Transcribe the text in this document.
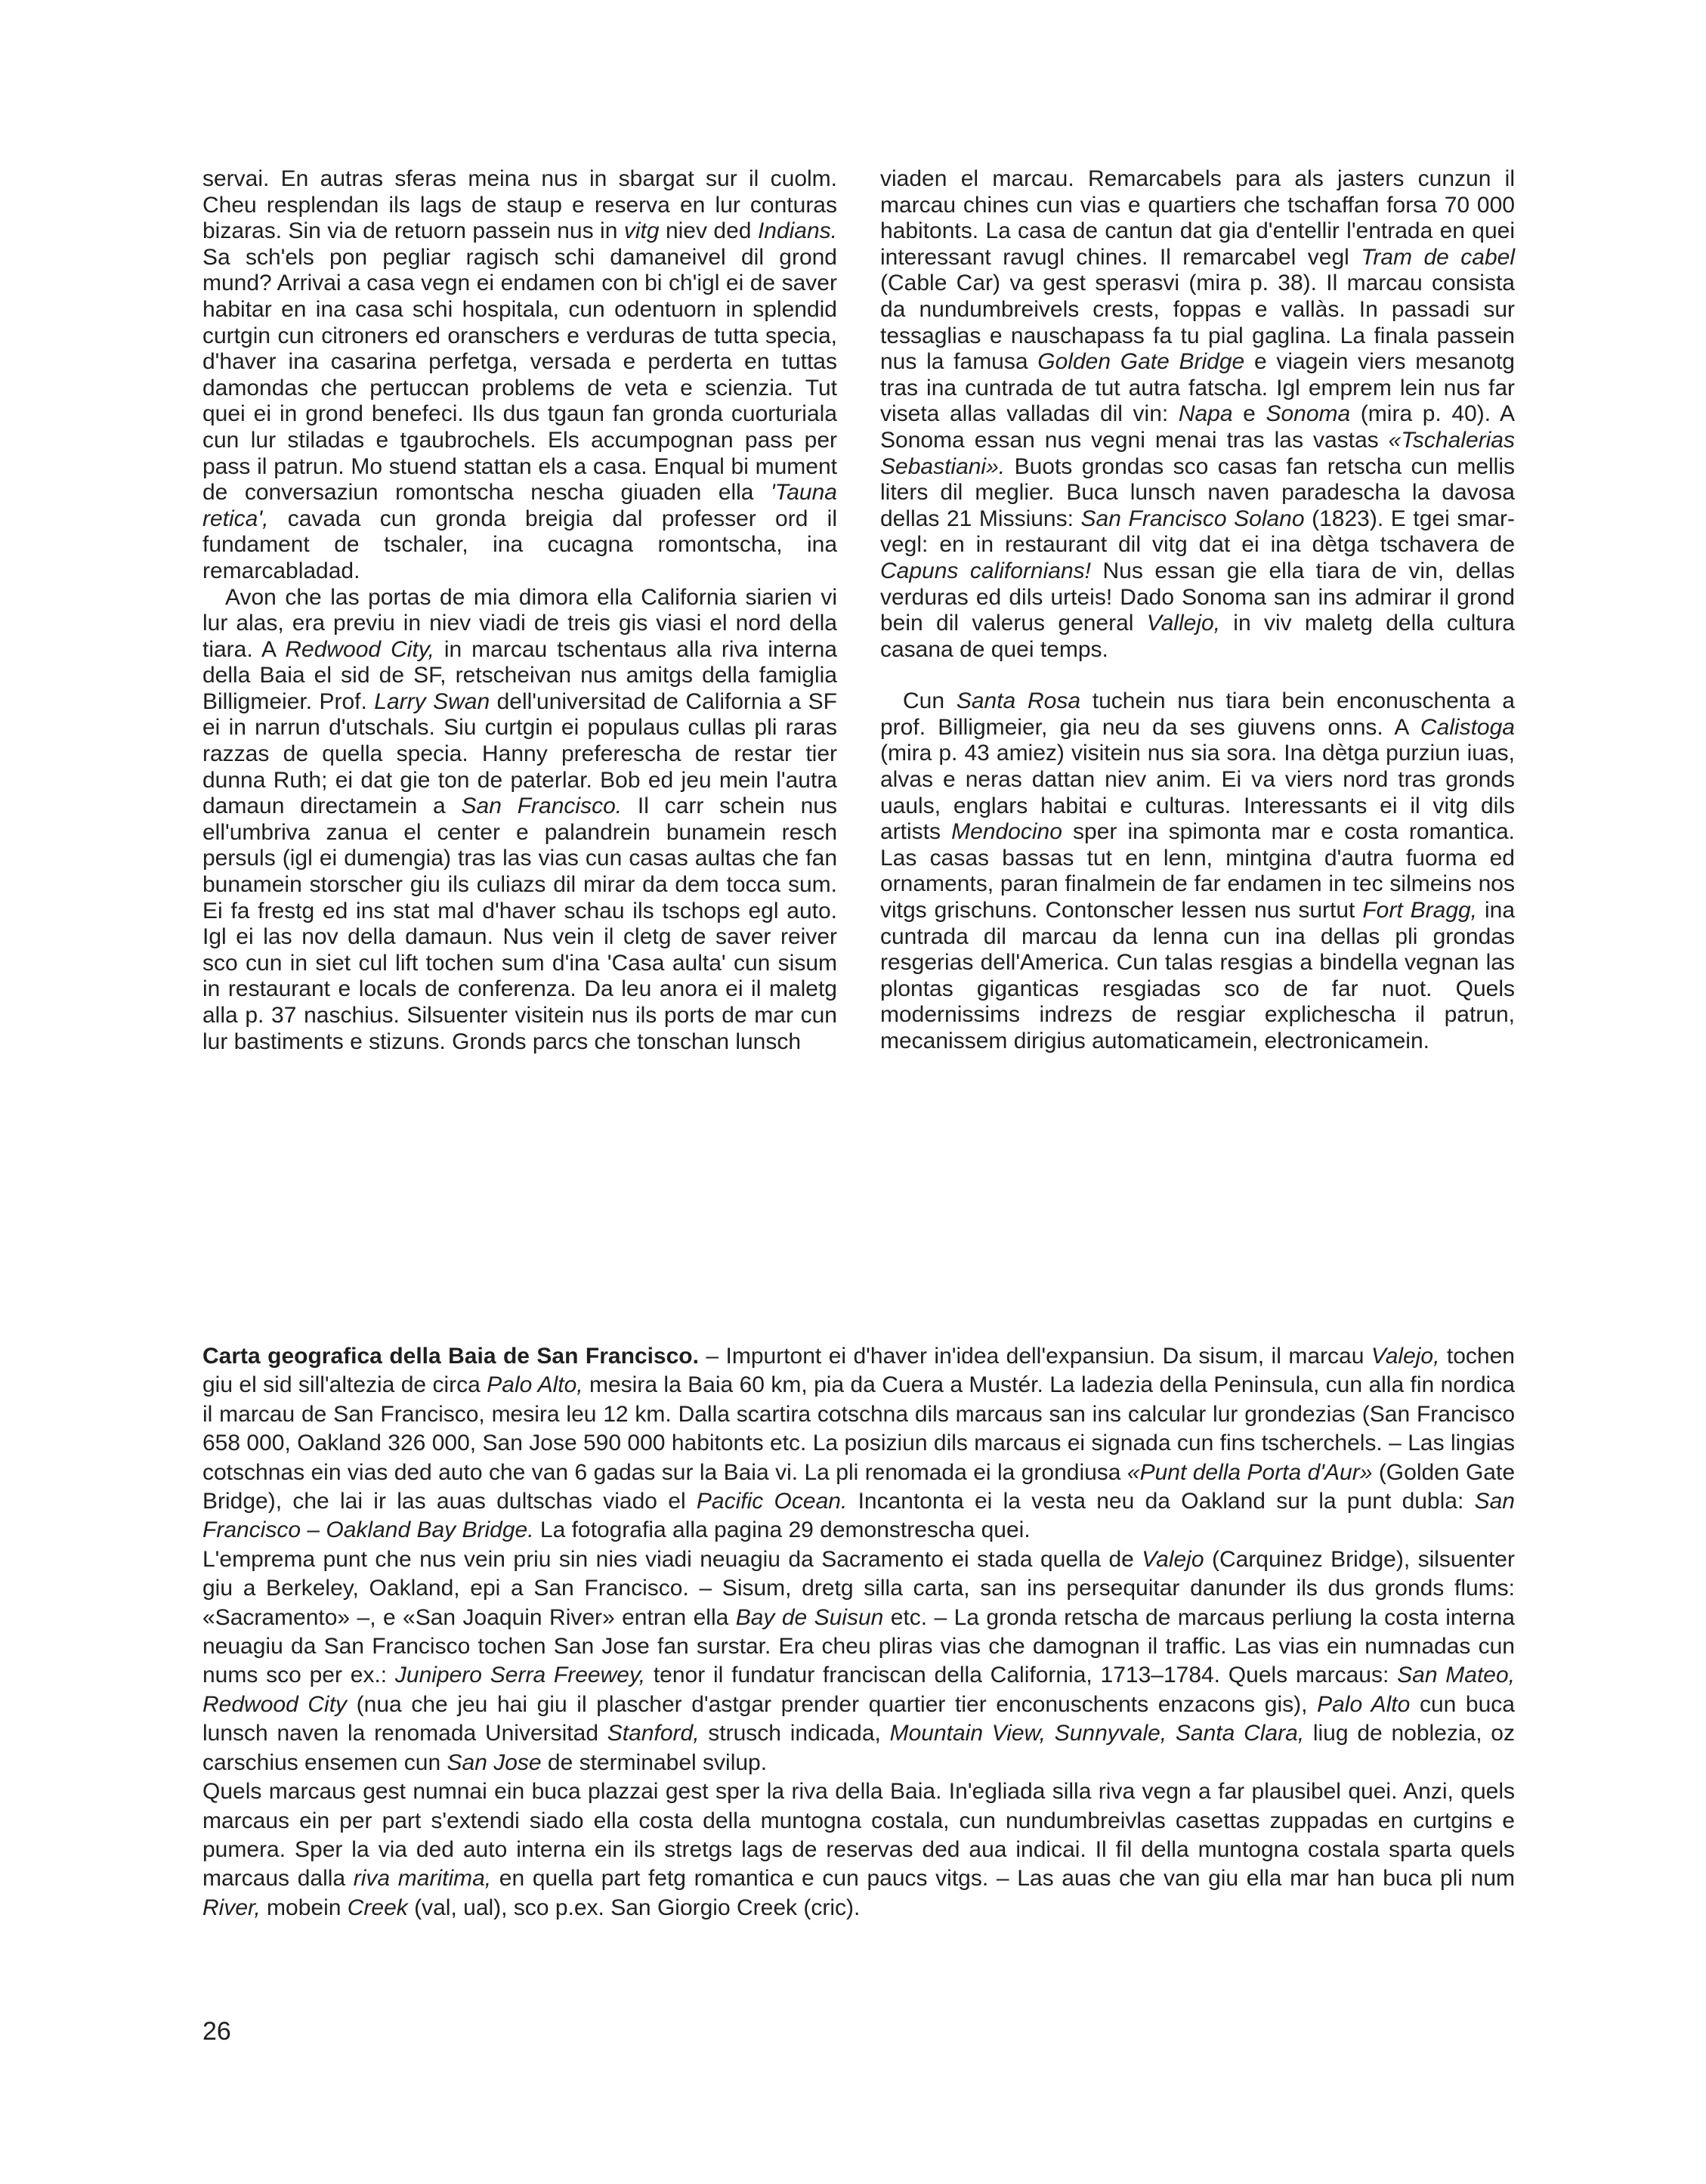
servai. En autras sferas meina nus in sbargat sur il cuolm. Cheu resplendan ils lags de staup e reserva en lur conturas bizaras. Sin via de retuorn passein nus in vitg niev ded Indians. Sa sch'els pon pegliar ragisch schi damaneivel dil grond mund? Arrivai a casa vegn ei endamen con bi ch'igl ei de saver habitar en ina casa schi hospitala, cun odentuorn in splendid curtgin cun citroners ed oranschers e verduras de tutta specia, d'haver ina casarina perfetga, versada e perderta en tuttas damondas che pertuccan problems de veta e scienzia. Tut quei ei in grond benefeci. Ils dus tgaun fan gronda cuorturiala cun lur stiladas e tgaubrochels. Els accumpognan pass per pass il patrun. Mo stuend stattan els a casa. Enqual bi mument de conversaziun romontscha nescha giuaden ella 'Tauna retica', cavada cun gronda breigia dal professer ord il fundament de tschaler, ina cucagna romontscha, ina remarcabladad.

Avon che las portas de mia dimora ella California siarien vi lur alas, era previu in niev viadi de treis gis viasi el nord della tiara. A Redwood City, in marcau tschentaus alla riva interna della Baia el sid de SF, retscheivan nus amitgs della famiglia Billigmeier. Prof. Larry Swan dell'universitad de California a SF ei in narrun d'utschals. Siu curtgin ei populaus cullas pli raras razzas de quella specia. Hanny preferescha de restar tier dunna Ruth; ei dat gie ton de paterlar. Bob ed jeu mein l'autra damaun directamein a San Francisco. Il carr schein nus ell'umbriva zanua el center e palandrein bunamein resch persuls (igl ei dumengia) tras las vias cun casas aultas che fan bunamein storscher giu ils culiazs dil mirar da dem tocca sum. Ei fa frestg ed ins stat mal d'haver schau ils tschops egl auto. Igl ei las nov della damaun. Nus vein il cletg de saver reiver sco cun in siet cul lift tochen sum d'ina 'Casa aulta' cun sisum in restaurant e locals de conferenza. Da leu anora ei il maletg alla p. 37 naschius. Silsuenter visitein nus ils ports de mar cun lur bastiments e stizuns. Gronds parcs che tonschan lunsch

viaden el marcau. Remarcabels para als jasters cunzun il marcau chines cun vias e quartiers che tschaffan forsa 70 000 habitonts. La casa de cantun dat gia d'entellir l'entrada en quei interessant ravugl chines. Il remarcabel vegl Tram de cabel (Cable Car) va gest sperasvi (mira p. 38). Il marcau consista da nundumbreivels crests, foppas e vallàs. In passadi sur tessaglias e nauschapass fa tu pial gaglina. La finala passein nus la famusa Golden Gate Bridge e viagein viers mesanotg tras ina cuntrada de tut autra fatscha. Igl emprem lein nus far viseta allas valladas dil vin: Napa e Sonoma (mira p. 40). A Sonoma essan nus vegni menai tras las vastas «Tschalerias Sebastiani». Buots grondas sco casas fan retscha cun mellis liters dil meglier. Buca lunsch naven paradescha la davosa dellas 21 Missiuns: San Francisco Solano (1823). E tgei smarvegl: en in restaurant dil vitg dat ei ina dètga tschavera de Capuns californians! Nus essan gie ella tiara de vin, dellas verduras ed dils urteis! Dado Sonoma san ins admirar il grond bein dil valerus general Vallejo, in viv maletg della cultura casana de quei temps.

Cun Santa Rosa tuchein nus tiara bein enconuschenta a prof. Billigmeier, gia neu da ses giuvens onns. A Calistoga (mira p. 43 amiez) visitein nus sia sora. Ina dètga purziun iuas, alvas e neras dattan niev anim. Ei va viers nord tras gronds uauls, englars habitai e culturas. Interessants ei il vitg dils artists Mendocino sper ina spimonta mar e costa romantica. Las casas bassas tut en lenn, mintgina d'autra fuorma ed ornaments, paran finalmein de far endamen in tec silmeins nos vitgs grischuns. Contonscher lessen nus surtut Fort Bragg, ina cuntrada dil marcau da lenna cun ina dellas pli grondas resgerias dell'America. Cun talas resgias a bindella vegnan las plontas giganticas resgiadas sco de far nuot. Quels modernissims indrezs de resgiar explichescha il patrun, mecanissem dirigius automaticamein, electronicamein.

Carta geografica della Baia de San Francisco. – Impurtont ei d'haver in'idea dell'expansiun. Da sisum, il marcau Valejo, tochen giu el sid sill'altezia de circa Palo Alto, mesira la Baia 60 km, pia da Cuera a Mustér. La ladezia della Peninsula, cun alla fin nordica il marcau de San Francisco, mesira leu 12 km. Dalla scartira cotschna dils marcaus san ins calcular lur grondezias (San Francisco 658 000, Oakland 326 000, San Jose 590 000 habitonts etc. La posiziun dils marcaus ei signada cun fins tscherchels. – Las lingias cotschnas ein vias ded auto che van 6 gadas sur la Baia vi. La pli renomada ei la grondiusa «Punt della Porta d'Aur» (Golden Gate Bridge), che lai ir las auas dultschas viado el Pacific Ocean. Incantonta ei la vesta neu da Oakland sur la punt dubla: San Francisco – Oakland Bay Bridge. La fotografia alla pagina 29 demonstrescha quei.

L'emprema punt che nus vein priu sin nies viadi neuagiu da Sacramento ei stada quella de Valejo (Carquinez Bridge), silsuenter giu a Berkeley, Oakland, epi a San Francisco. – Sisum, dretg silla carta, san ins persequitar danunder ils dus gronds flums: «Sacramento» –, e «San Joaquin River» entran ella Bay de Suisun etc. – La gronda retscha de marcaus perliung la costa interna neuagiu da San Francisco tochen San Jose fan surstar. Era cheu pliras vias che damognan il traffic. Las vias ein numnadas cun nums sco per ex.: Junipero Serra Freewey, tenor il fundatur franciscan della California, 1713–1784. Quels marcaus: San Mateo, Redwood City (nua che jeu hai giu il plascher d'astgar prender quartier tier enconuschents enzacons gis), Palo Alto cun buca lunsch naven la renomada Universitad Stanford, strusch indicada, Mountain View, Sunnyvale, Santa Clara, liug de noblezia, oz carschius ensemen cun San Jose de sterminabel svilup.

Quels marcaus gest numnai ein buca plazzai gest sper la riva della Baia. In'egliada silla riva vegn a far plausibel quei. Anzi, quels marcaus ein per part s'extendi siado ella costa della muntogna costala, cun nundumbreivlas casettas zuppadas en curtgins e pumera. Sper la via ded auto interna ein ils stretgs lags de reservas ded aua indicai. Il fil della muntogna costala sparta quels marcaus dalla riva maritima, en quella part fetg romantica e cun paucs vitgs. – Las auas che van giu ella mar han buca pli num River, mobein Creek (val, ual), sco p.ex. San Giorgio Creek (cric).

26
